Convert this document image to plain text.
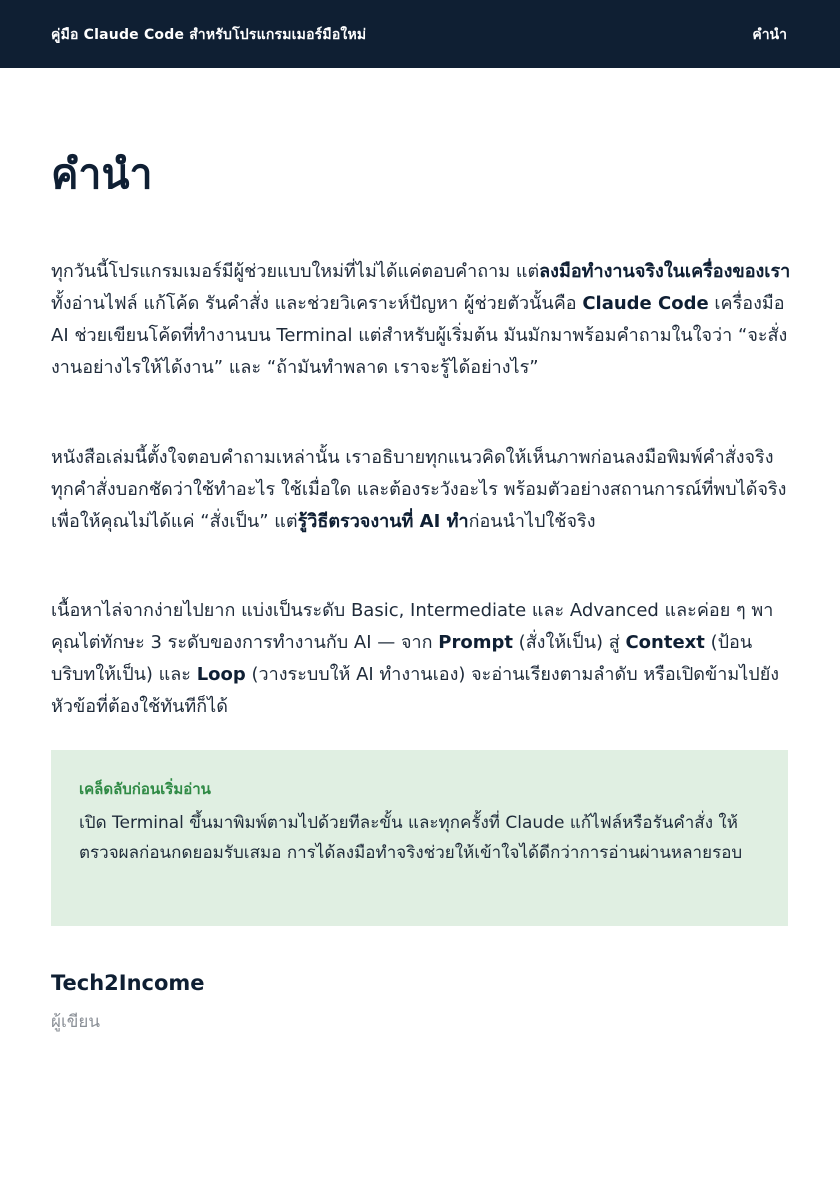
คู่มือ Claude Code สำหรับโปรแกรมเมอร์มือใหม่	คำนำ
คำนำ

ทุกวันนี้โปรแกรมเมอร์มีผู้ช่วยแบบใหม่ที่ไม่ได้แค่ตอบคำถาม แต่ลงมือทำงานจริงในเครื่องของเรา ทั้งอ่านไฟล์ แก้โค้ด รันคำสั่ง และช่วยวิเคราะห์ปัญหา ผู้ช่วยตัวนั้นคือ Claude Code เครื่องมือ AI ช่วยเขียนโค้ดที่ทำงานบน Terminal แต่สำหรับผู้เริ่มต้น มันมักมาพร้อมคำถามในใจว่า “จะสั่งงานอย่างไรให้ได้งาน” และ “ถ้ามันทำพลาด เราจะรู้ได้อย่างไร”

หนังสือเล่มนี้ตั้งใจตอบคำถามเหล่านั้น เราอธิบายทุกแนวคิดให้เห็นภาพก่อนลงมือพิมพ์คำสั่งจริง ทุกคำสั่งบอกชัดว่าใช้ทำอะไร ใช้เมื่อใด และต้องระวังอะไร พร้อมตัวอย่างสถานการณ์ที่พบได้จริง เพื่อให้คุณไม่ได้แค่ “สั่งเป็น” แต่รู้วิธีตรวจงานที่ AI ทำก่อนนำไปใช้จริง

เนื้อหาไล่จากง่ายไปยาก แบ่งเป็นระดับ Basic, Intermediate และ Advanced และค่อย ๆ พาคุณไต่ทักษะ 3 ระดับของการทำงานกับ AI — จาก Prompt (สั่งให้เป็น) สู่ Context (ป้อนบริบทให้เป็น) และ Loop (วางระบบให้ AI ทำงานเอง) จะอ่านเรียงตามลำดับ หรือเปิดข้ามไปยังหัวข้อที่ต้องใช้ทันทีก็ได้

เคล็ดลับก่อนเริ่มอ่าน

เปิด Terminal ขึ้นมาพิมพ์ตามไปด้วยทีละขั้น และทุกครั้งที่ Claude แก้ไฟล์หรือรันคำสั่ง ให้ตรวจผลก่อนกดยอมรับเสมอ การได้ลงมือทำจริงช่วยให้เข้าใจได้ดีกว่าการอ่านผ่านหลายรอบ

Tech2Income
ผู้เขียน
